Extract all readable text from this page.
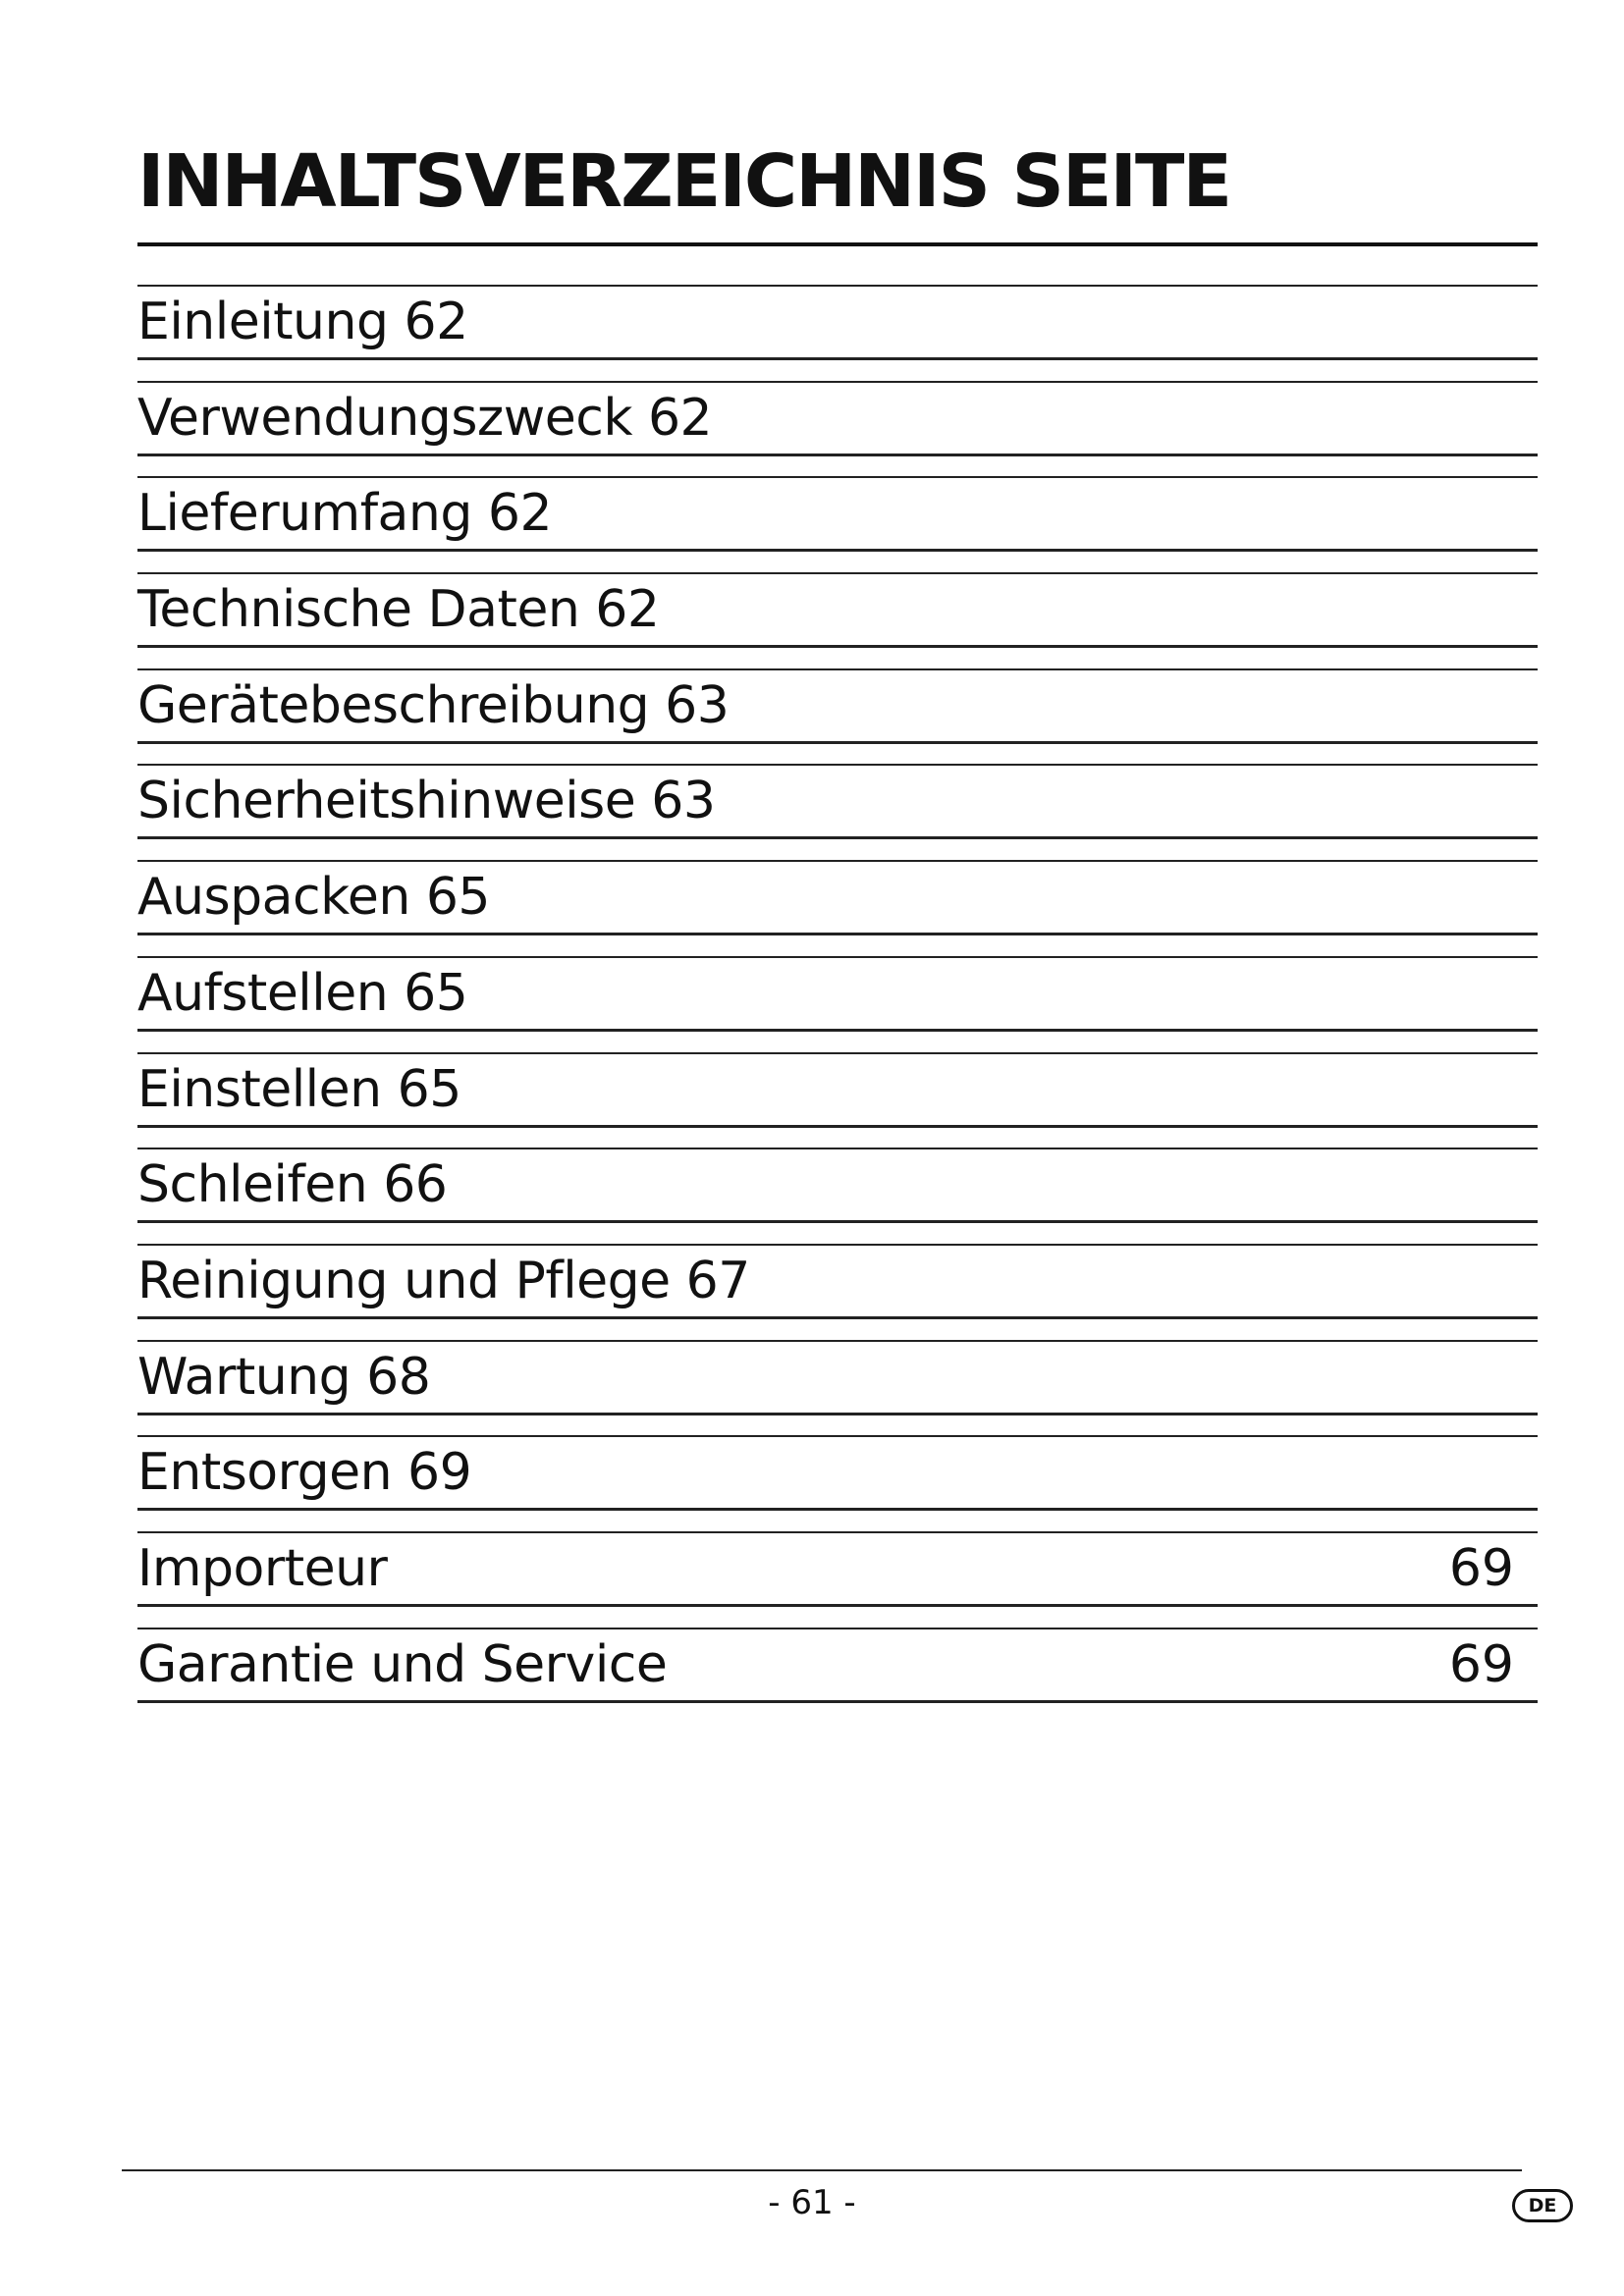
INHALTSVERZEICHNIS SEITE
Einleitung 62
Verwendungszweck 62
Lieferumfang 62
Technische Daten 62
Gerätebeschreibung 63
Sicherheitshinweise 63
Auspacken 65
Aufstellen 65
Einstellen 65
Schleifen 66
Reinigung und Pflege 67
Wartung 68
Entsorgen 69
Importeur	69
Garantie und Service	69
- 61 -	DE
